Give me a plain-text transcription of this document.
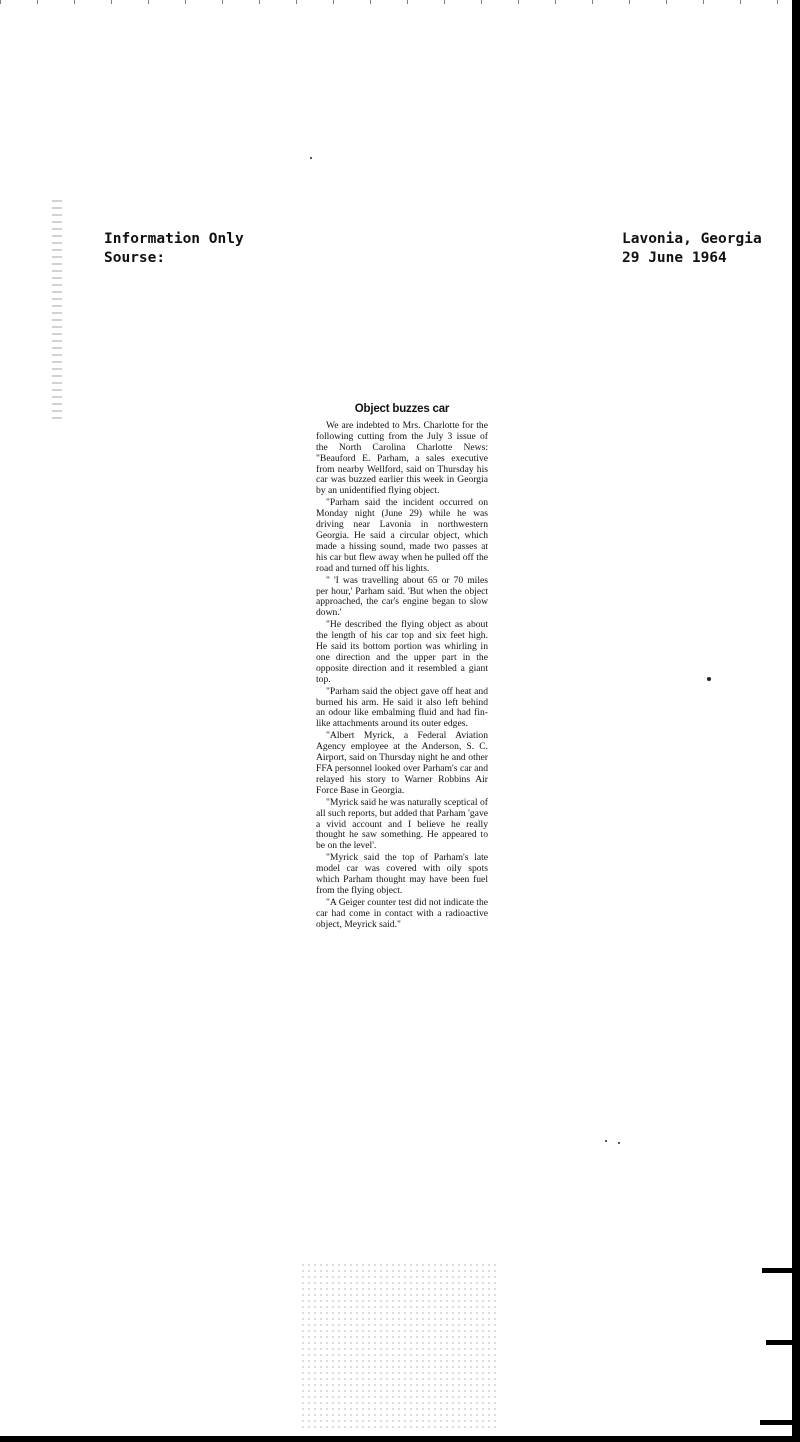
Information Only
Sourse:
Lavonia, Georgia
29 June 1964
Object buzzes car

We are indebted to Mrs. Charlotte for the following cutting from the July 3 issue of the North Carolina Charlotte News: "Beauford E. Parham, a sales executive from nearby Wellford, said on Thursday his car was buzzed earlier this week in Georgia by an unidentified flying object.

"Parham said the incident occurred on Monday night (June 29) while he was driving near Lavonia in northwestern Georgia. He said a circular object, which made a hissing sound, made two passes at his car but flew away when he pulled off the road and turned off his lights.

" 'I was travelling about 65 or 70 miles per hour,' Parham said. 'But when the object approached, the car's engine began to slow down.'

"He described the flying object as about the length of his car top and six feet high. He said its bottom portion was whirling in one direction and the upper part in the opposite direction and it resembled a giant top.

"Parham said the object gave off heat and burned his arm. He said it also left behind an odour like embalming fluid and had fin-like attachments around its outer edges.

"Albert Myrick, a Federal Aviation Agency employee at the Anderson, S. C. Airport, said on Thursday night he and other FFA personnel looked over Parham's car and relayed his story to Warner Robbins Air Force Base in Georgia.

"Myrick said he was naturally sceptical of all such reports, but added that Parham 'gave a vivid account and I believe he really thought he saw something. He appeared to be on the level'.

"Myrick said the top of Parham's late model car was covered with oily spots which Parham thought may have been fuel from the flying object.

"A Geiger counter test did not indicate the car had come in contact with a radioactive object, Meyrick said."
